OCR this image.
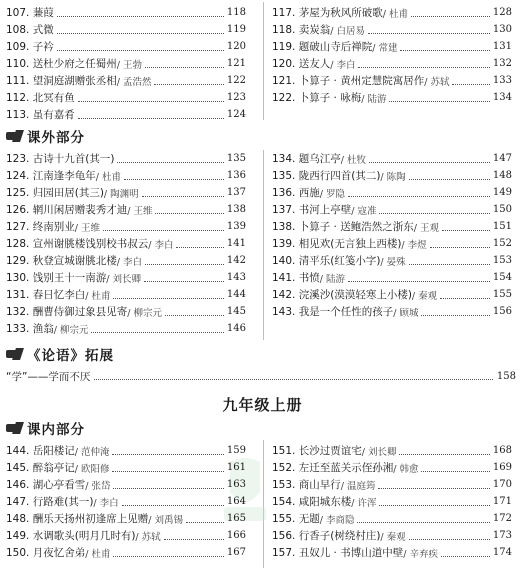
107. 蒹葭	118
108. 式微	119
109. 子衿	120
110. 送杜少府之任蜀州 / 王勃	121
111. 望洞庭湖赠张丞相 / 孟浩然	122
112. 北冥有鱼	123
113. 虽有嘉肴	124
117. 茅屋为秋风所破歌 / 杜甫	128
118. 卖炭翁 / 白居易	130
119. 题破山寺后禅院 / 常建	131
120. 送友人 / 李白	132
121. 卜算子 · 黄州定慧院寓居作 / 苏轼	133
122. 卜算子 · 咏梅 / 陆游	134
课外部分
123. 古诗十九首(其一)	135
124. 江南逢李龟年 / 杜甫	136
125. 归园田居(其三) / 陶渊明	137
126. 辋川闲居赠裴秀才迪 / 王维	138
127. 终南别业 / 王维	139
128. 宣州谢朓楼饯别校书叔云 / 李白	141
129. 秋登宣城谢朓北楼 / 李白	142
130. 饯别王十一南游 / 刘长卿	143
131. 春日忆李白 / 杜甫	144
132. 酬曹侍御过象县见寄 / 柳宗元	145
133. 渔翁 / 柳宗元	146
134. 题乌江亭 / 杜牧	147
135. 陇西行四首(其二) / 陈陶	148
136. 西施 / 罗隐	149
137. 书河上亭壁 / 寇准	150
138. 卜算子 · 送鲍浩然之浙东 / 王观	151
139. 相见欢(无言独上西楼) / 李煜	152
140. 清平乐(红笺小字) / 晏殊	153
141. 书愤 / 陆游	154
142. 浣溪沙(漠漠轻寒上小楼) / 秦观	155
143. 我是一个任性的孩子 / 顾城	156
《论语》拓展
“学”——学而不厌	158
九年级上册
课内部分
144. 岳阳楼记 / 范仲淹	159
145. 醉翁亭记 / 欧阳修	161
146. 湖心亭看雪 / 张岱	163
147. 行路难(其一) / 李白	164
148. 酬乐天扬州初逢席上见赠 / 刘禹锡	165
149. 水调歌头(明月几时有) / 苏轼	166
150. 月夜忆舍弟 / 杜甫	167
151. 长沙过贾谊宅 / 刘长卿	168
152. 左迁至蓝关示侄孙湘 / 韩愈	169
153. 商山早行 / 温庭筠	170
154. 咸阳城东楼 / 许浑	171
155. 无题 / 李商隐	172
156. 行香子(树绕村庄) / 秦观	173
157. 丑奴儿 · 书博山道中壁 / 辛弃疾	174
